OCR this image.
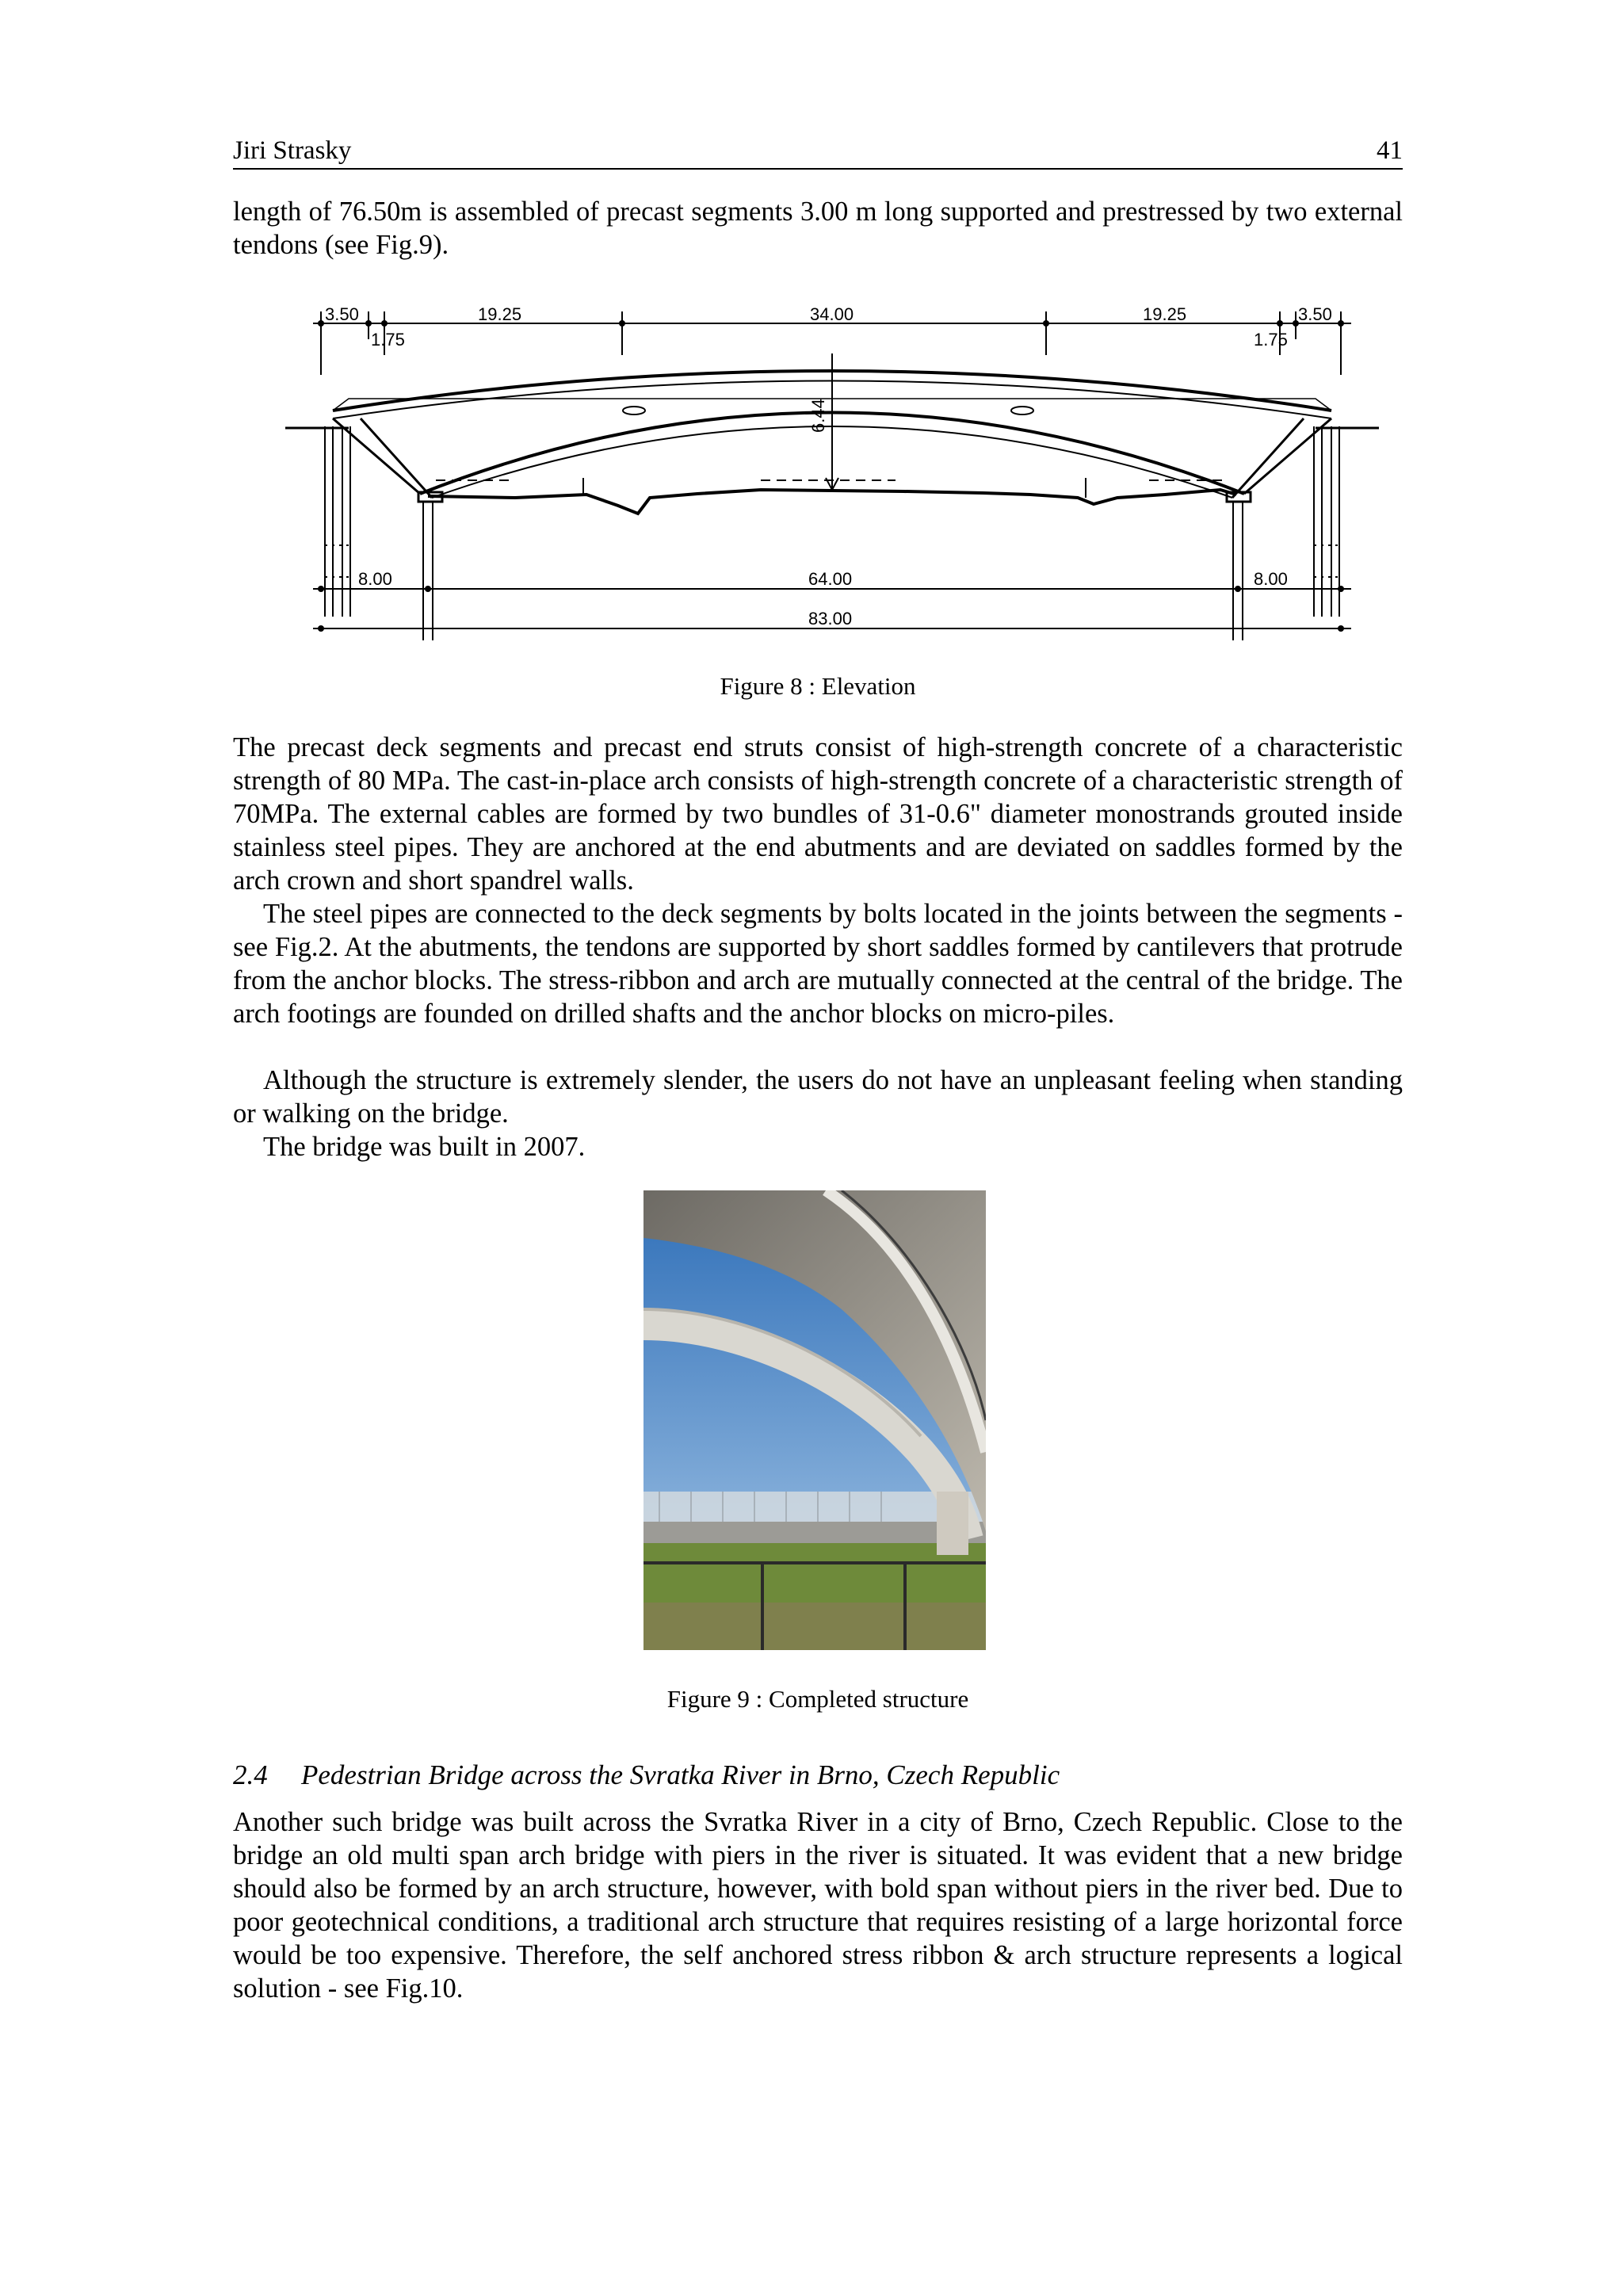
Jiri Strasky	41

length of 76.50m is assembled of precast segments 3.00 m long supported and prestressed by two external tendons (see Fig.9).

3.50
1.75
19.25	34.00	19.25
1.75
3.50
6.44
8.00	64.00	8.00
83.00
Figure 8 : Elevation

The precast deck segments and precast end struts consist of high-strength concrete of a characteristic strength of 80 MPa. The cast-in-place arch consists of high-strength concrete of a characteristic strength of 70MPa. The external cables are formed by two bundles of 31-0.6" diameter monostrands grouted inside stainless steel pipes. They are anchored at the end abutments and are deviated on saddles formed by the arch crown and short spandrel walls.

The steel pipes are connected to the deck segments by bolts located in the joints between the segments - see Fig.2. At the abutments, the tendons are supported by short saddles formed by cantilevers that protrude from the anchor blocks. The stress-ribbon and arch are mutually connected at the central of the bridge. The arch footings are founded on drilled shafts and the anchor blocks on micro-piles.

Although the structure is extremely slender, the users do not have an unpleasant feeling when standing or walking on the bridge.

The bridge was built in 2007.

Figure 9 : Completed structure
2.4 Pedestrian Bridge across the Svratka River in Brno, Czech Republic

Another such bridge was built across the Svratka River in a city of Brno, Czech Republic. Close to the bridge an old multi span arch bridge with piers in the river is situated. It was evident that a new bridge should also be formed by an arch structure, however, with bold span without piers in the river bed. Due to poor geotechnical conditions, a traditional arch structure that requires resisting of a large horizontal force would be too expensive. Therefore, the self anchored stress ribbon & arch structure represents a logical solution - see Fig.10.
